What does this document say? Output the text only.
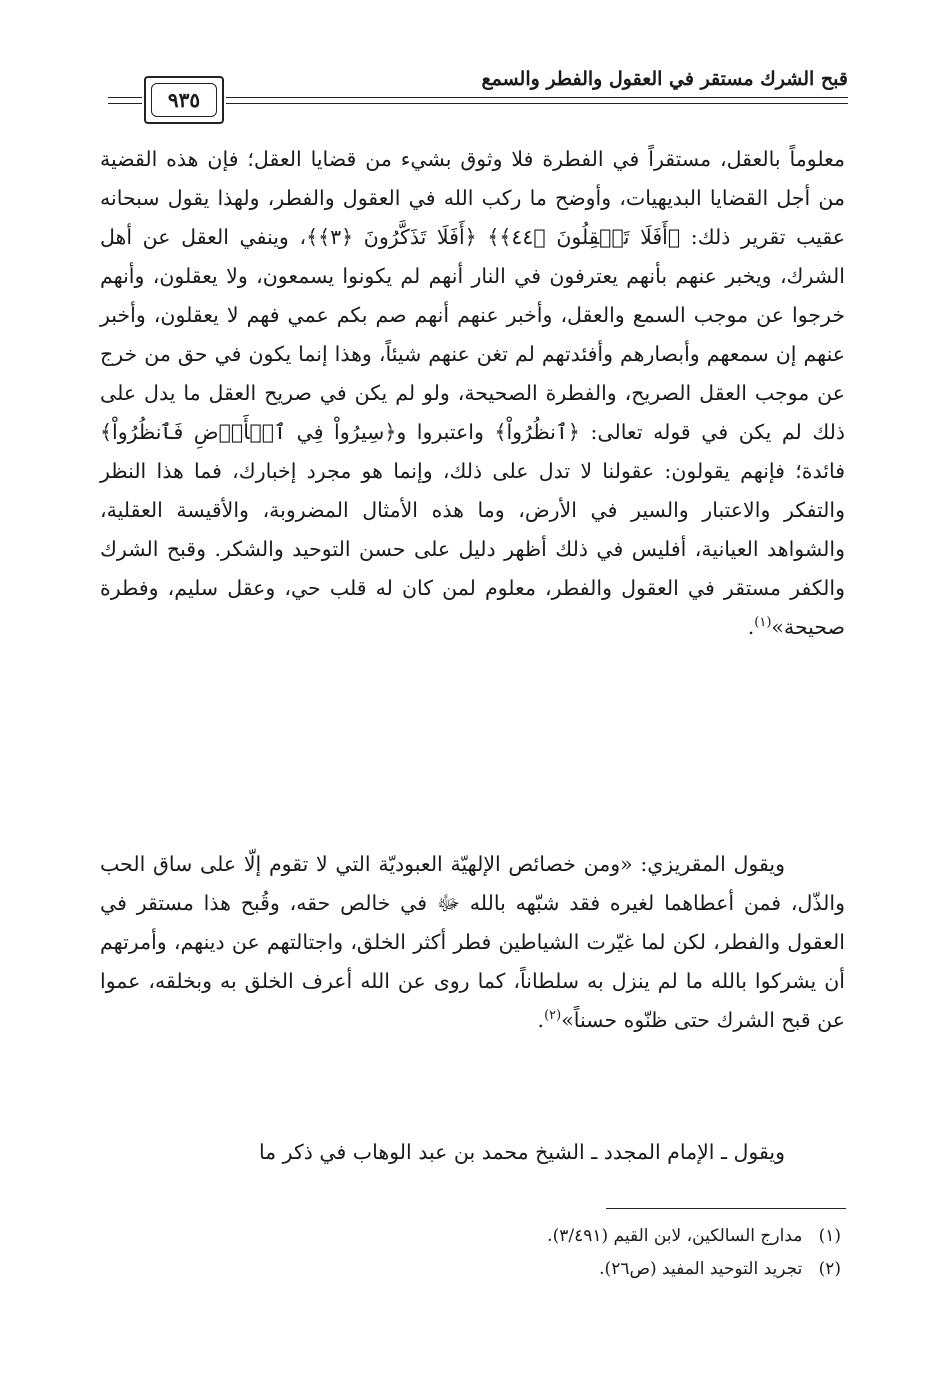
قبح الشرك مستقر في العقول والفطر والسمع
٩٣٥

معلوماً بالعقل، مستقراً في الفطرة فلا وثوق بشيء من قضايا العقل؛ فإن هذه القضية من أجل القضايا البديهيات، وأوضح ما ركب الله في العقول والفطر، ولهذا يقول سبحانه عقيب تقرير ذلك: ﴿أَفَلَا تَعۡقِلُونَ ﴿٤٤﴾﴾ ﴿أَفَلَا تَذَكَّرُونَ ﴿٣﴾﴾، وينفي العقل عن أهل الشرك، ويخبر عنهم بأنهم يعترفون في النار أنهم لم يكونوا يسمعون، ولا يعقلون، وأنهم خرجوا عن موجب السمع والعقل، وأخبر عنهم أنهم صم بكم عمي فهم لا يعقلون، وأخبر عنهم إن سمعهم وأبصارهم وأفئدتهم لم تغن عنهم شيئاً، وهذا إنما يكون في حق من خرج عن موجب العقل الصريح، والفطرة الصحيحة، ولو لم يكن في صريح العقل ما يدل على ذلك لم يكن في قوله تعالى: ﴿ٱنظُرُواْ﴾ واعتبروا و﴿سِيرُواْ فِي ٱلۡأَرۡضِ فَٱنظُرُواْ﴾ فائدة؛ فإنهم يقولون: عقولنا لا تدل على ذلك، وإنما هو مجرد إخبارك، فما هذا النظر والتفكر والاعتبار والسير في الأرض، وما هذه الأمثال المضروبة، والأقيسة العقلية، والشواهد العيانية، أفليس في ذلك أظهر دليل على حسن التوحيد والشكر. وقبح الشرك والكفر مستقر في العقول والفطر، معلوم لمن كان له قلب حي، وعقل سليم، وفطرة صحيحة»$^{(١)}$.

ويقول المقريزي: «ومن خصائص الإلهيّة العبوديّة التي لا تقوم إلّا على ساق الحب والذّل، فمن أعطاهما لغيره فقد شبّهه بالله ﷻ في خالص حقه، وقُبح هذا مستقر في العقول والفطر، لكن لما غيّرت الشياطين فطر أكثر الخلق، واجتالتهم عن دينهم، وأمرتهم أن يشركوا بالله ما لم ينزل به سلطاناً، كما روى عن الله أعرف الخلق به وبخلقه، عموا عن قبح الشرك حتى ظنّوه حسناً»$^{(٢)}$.

ويقول ـ الإمام المجدد ـ الشيخ محمد بن عبد الوهاب في ذكر ما

(١)   مدارج السالكين، لابن القيم (٣/٤٩١).
(٢)   تجريد التوحيد المفيد (ص٢٦).
